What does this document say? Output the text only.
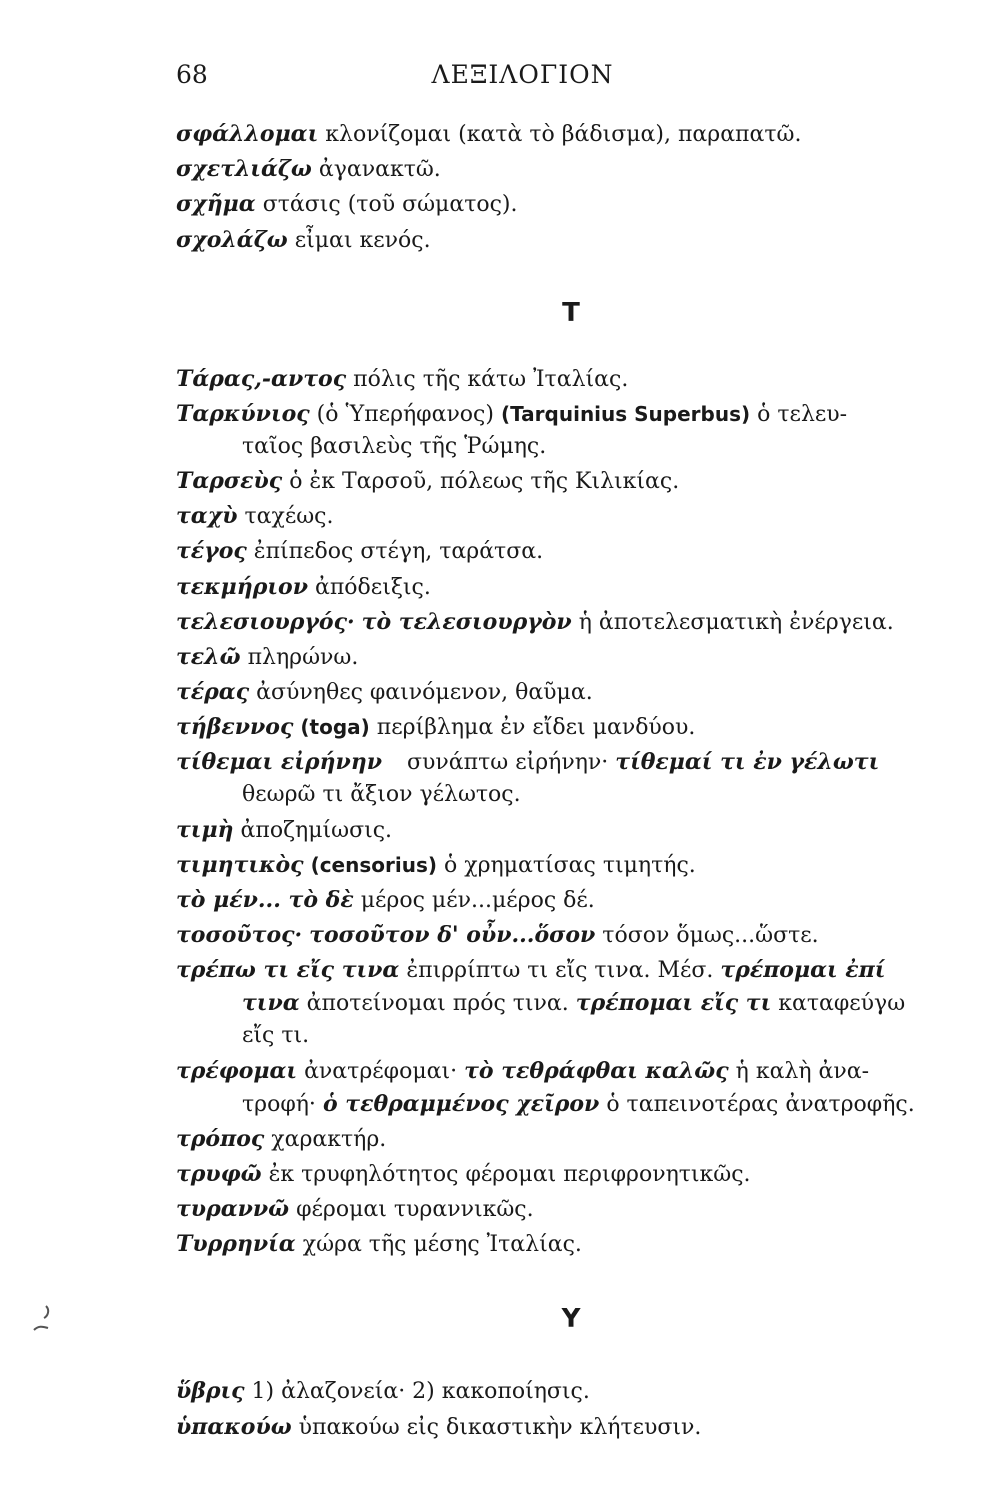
68	ΛΕΞΙΛΟΓΙΟΝ
σφάλλομαι κλονίζομαι (κατὰ τὸ βάδισμα), παραπατῶ.
σχετλιάζω ἀγανακτῶ.
σχῆμα στάσις (τοῦ σώματος).
σχολάζω εἶμαι κενός.
Τ
Τάρας,-αντος πόλις τῆς κάτω Ἰταλίας.
Ταρκύνιος (ὁ Ὑπερήφανος) (Tarquinius Superbus) ὁ τελευ-
ταῖος βασιλεὺς τῆς Ῥώμης.
Ταρσεὺς ὁ ἐκ Ταρσοῦ, πόλεως τῆς Κιλικίας.
ταχὺ ταχέως.
τέγος ἐπίπεδος στέγη, ταράτσα.
τεκμήριον ἀπόδειξις.
τελεσιουργός· τὸ τελεσιουργὸν ἡ ἀποτελεσματικὴ ἐνέργεια.
τελῶ πληρώνω.
τέρας ἀσύνηθες φαινόμενον, θαῦμα.
τήβεννος (toga) περίβλημα ἐν εἴδει μανδύου.
τίθεμαι εἰρήνην συνάπτω εἰρήνην· τίθεμαί τι ἐν γέλωτι
θεωρῶ τι ἄξιον γέλωτος.
τιμὴ ἀποζημίωσις.
τιμητικὸς (censorius) ὁ χρηματίσας τιμητής.
τὸ μέν... τὸ δὲ μέρος μέν...μέρος δέ.
τοσοῦτος· τοσοῦτον δ' οὖν...ὅσον τόσον ὅμως...ὥστε.
τρέπω τι εἴς τινα ἐπιρρίπτω τι εἴς τινα. Μέσ. τρέπομαι ἐπί
τινα ἀποτείνομαι πρός τινα. τρέπομαι εἴς τι καταφεύγω
εἴς τι.
τρέφομαι ἀνατρέφομαι· τὸ τεθράφθαι καλῶς ἡ καλὴ ἀνα-
τροφή· ὁ τεθραμμένος χεῖρον ὁ ταπεινοτέρας ἀνατροφῆς.
τρόπος χαρακτήρ.
τρυφῶ ἐκ τρυφηλότητος φέρομαι περιφρονητικῶς.
τυραννῶ φέρομαι τυραννικῶς.
Τυρρηνία χώρα τῆς μέσης Ἰταλίας.
Υ
ὕβρις 1) ἀλαζονεία· 2) κακοποίησις.
ὑπακούω ὑπακούω εἰς δικαστικὴν κλήτευσιν.
